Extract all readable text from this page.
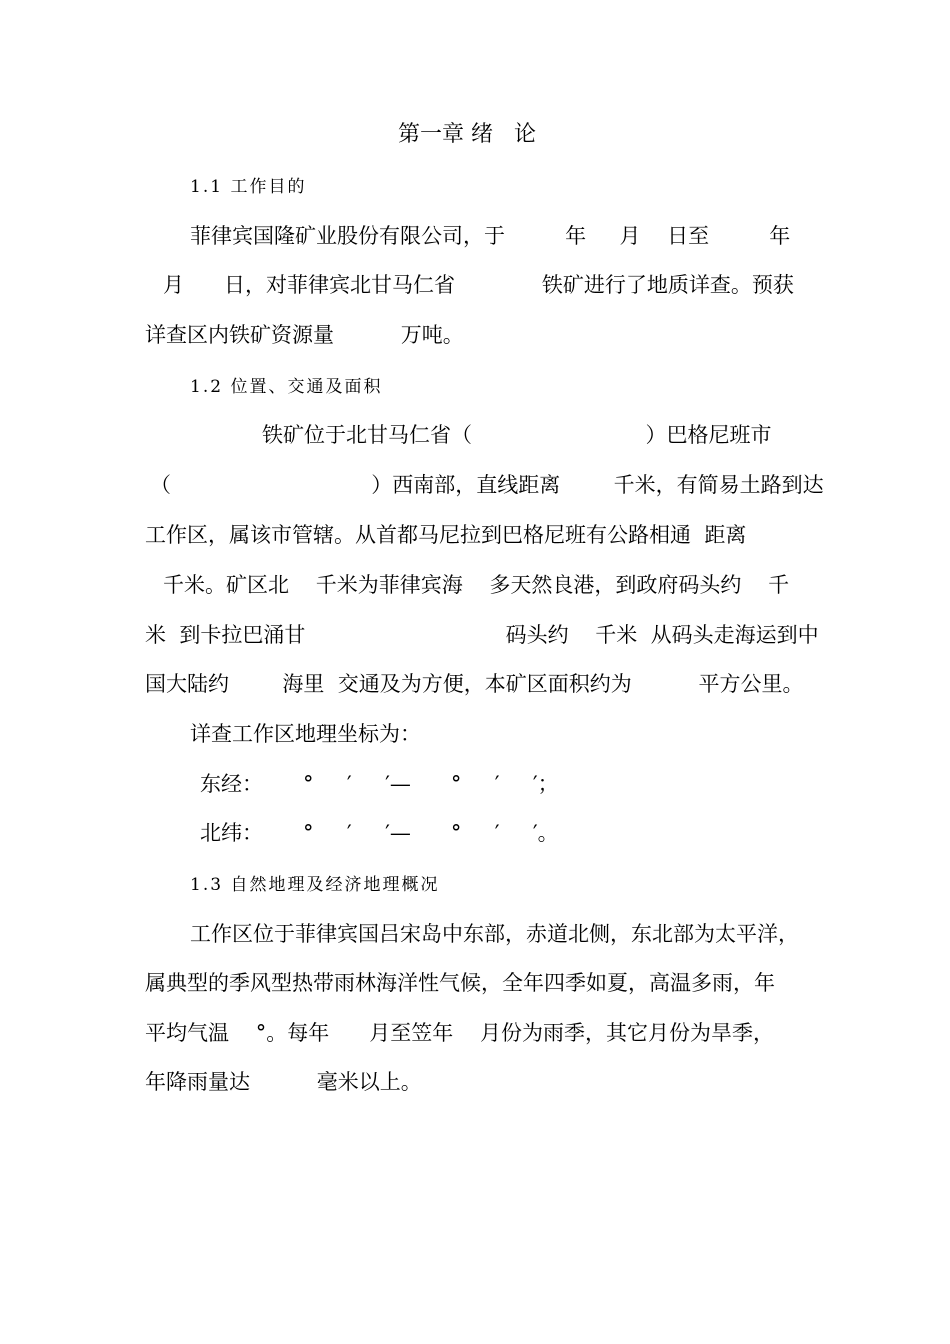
第一章 绪   论
1.1 工作目的
菲律宾国隆矿业股份有限公司，于         年     月    日至         年
月      日，对菲律宾北甘马仁省             铁矿进行了地质详查。预获
详查区内铁矿资源量          万吨。
1.2 位置、交通及面积
铁矿位于北甘马仁省（                          ）巴格尼班市
（                              ）西南部，直线距离        千米，有简易土路到达
工作区，属该市管辖。从首都马尼拉到巴格尼班有公路相通  距离
千米。矿区北    千米为菲律宾海    多天然良港，到政府码头约    千
米  到卡拉巴涌甘                              码头约    千米  从码头走海运到中
国大陆约        海里  交通及为方便，本矿区面积约为          平方公里。
详查工作区地理坐标为：
东经：      °     ′     ′—      °     ′     ′；
北纬：      °     ′     ′—      °     ′     ′。
1.3 自然地理及经济地理概况
工作区位于菲律宾国吕宋岛中东部，赤道北侧，东北部为太平洋，
属典型的季风型热带雨林海洋性气候，全年四季如夏，高温多雨，年
平均气温    °。每年      月至笠年    月份为雨季，其它月份为旱季，
年降雨量达          毫米以上。
